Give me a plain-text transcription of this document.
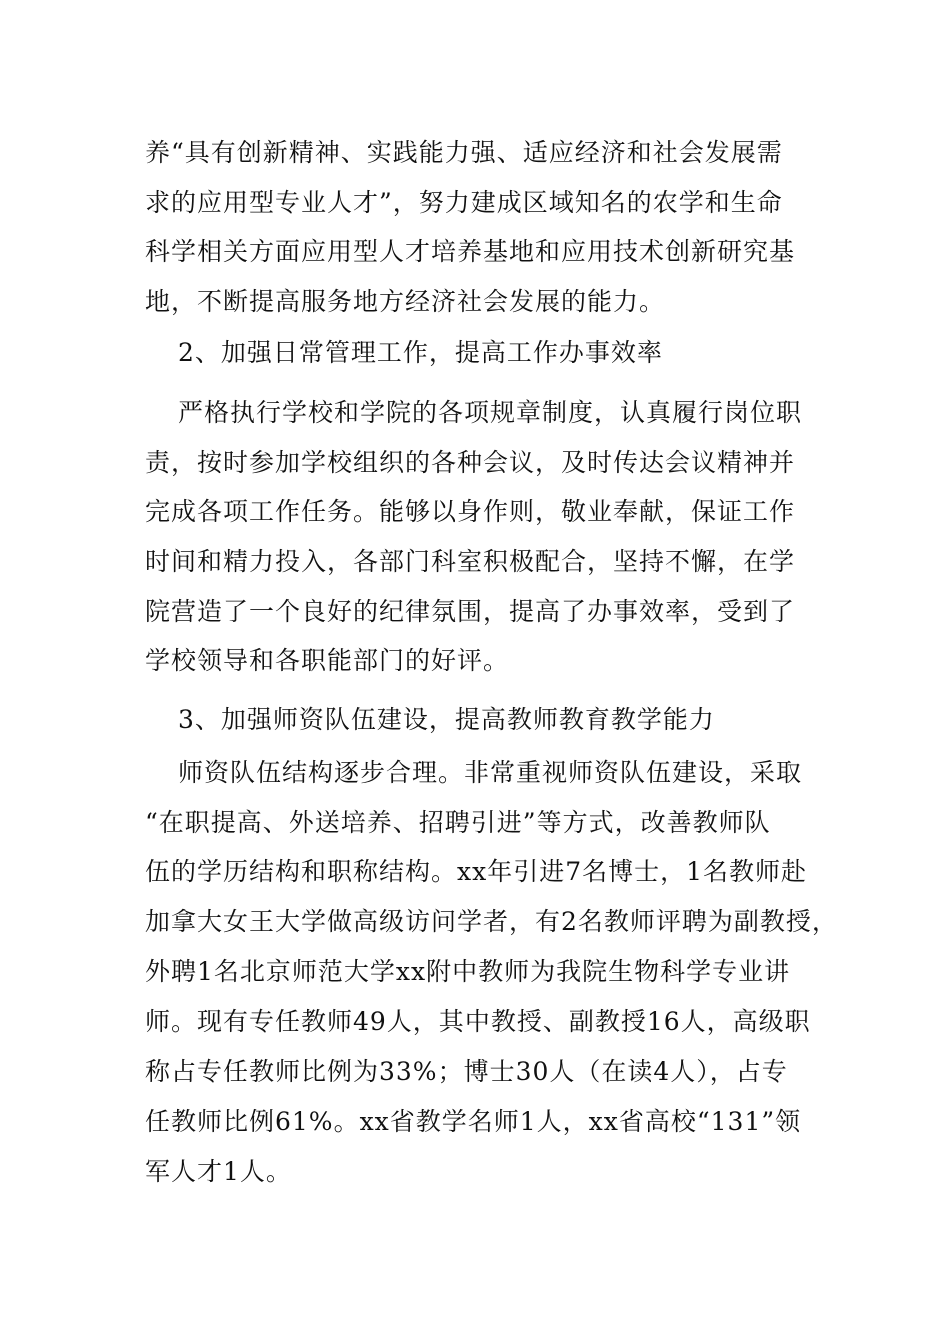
养“具有创新精神、实践能力强、适应经济和社会发展需
求的应用型专业人才”，努力建成区域知名的农学和生命
科学相关方面应用型人才培养基地和应用技术创新研究基
地，不断提高服务地方经济社会发展的能力。
2、加强日常管理工作，提高工作办事效率
严格执行学校和学院的各项规章制度，认真履行岗位职
责，按时参加学校组织的各种会议，及时传达会议精神并
完成各项工作任务。能够以身作则，敬业奉献，保证工作
时间和精力投入，各部门科室积极配合，坚持不懈，在学
院营造了一个良好的纪律氛围，提高了办事效率，受到了
学校领导和各职能部门的好评。
3、加强师资队伍建设，提高教师教育教学能力
师资队伍结构逐步合理。非常重视师资队伍建设，采取
“在职提高、外送培养、招聘引进”等方式，改善教师队
伍的学历结构和职称结构。xx年引进7名博士，1名教师赴
加拿大女王大学做高级访问学者，有2名教师评聘为副教授，
外聘1名北京师范大学xx附中教师为我院生物科学专业讲
师。现有专任教师49人，其中教授、副教授16人，高级职
称占专任教师比例为33%；博士30人（在读4人），占专
任教师比例61%。xx省教学名师1人，xx省高校“131”领
军人才1人。
